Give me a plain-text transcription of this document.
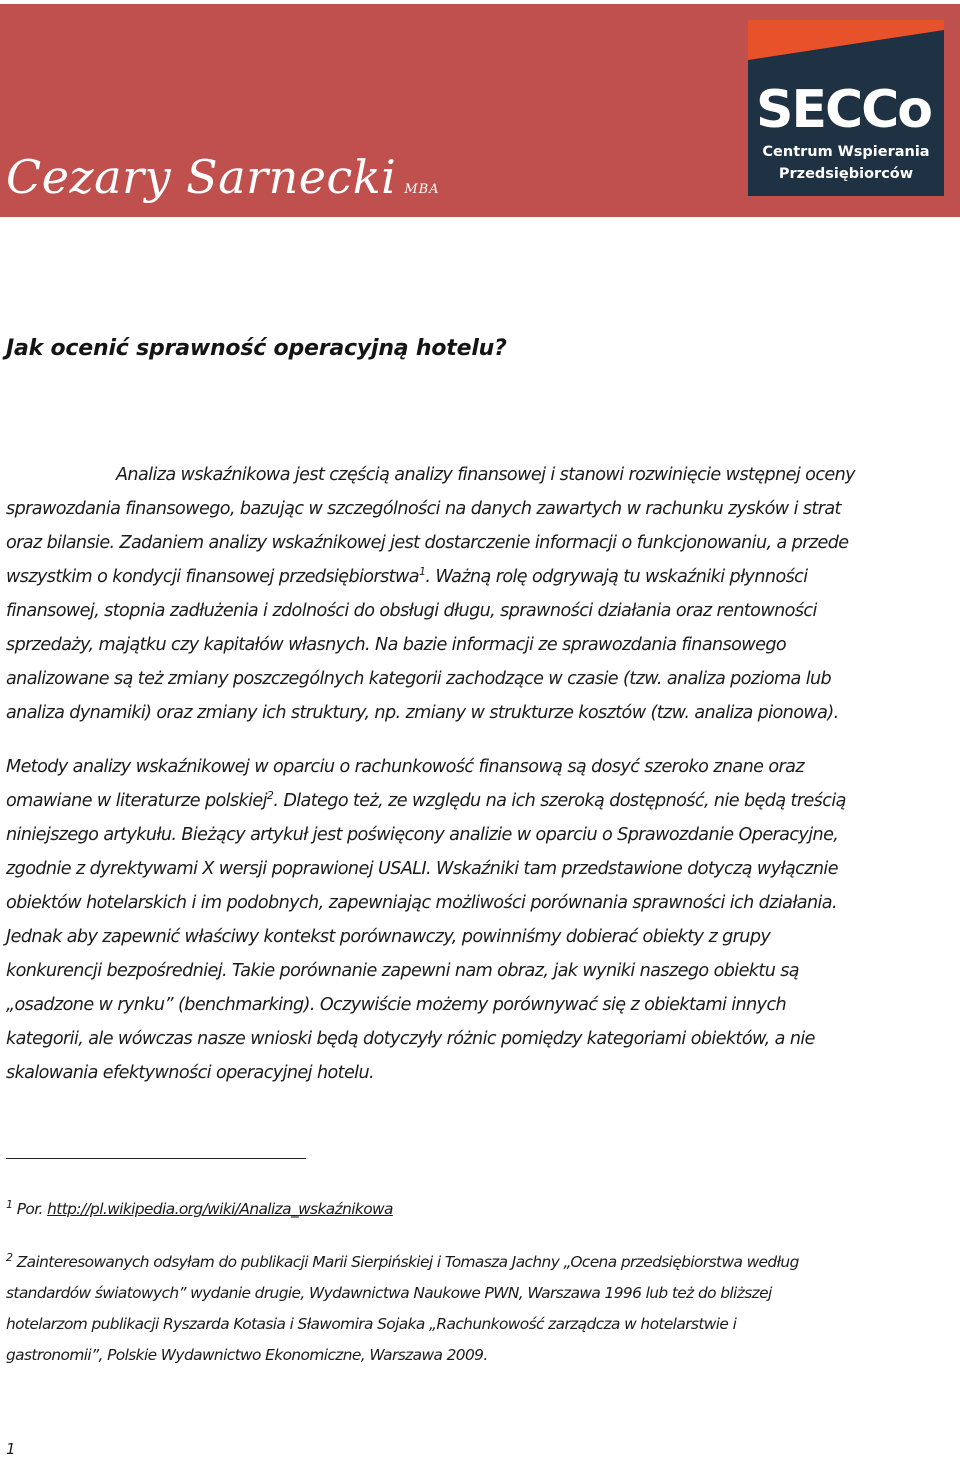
Cezary Sarnecki MBA
SECCo
Centrum Wspierania
Przedsiębiorców
Jak ocenić sprawność operacyjną hotelu?
Analiza wskaźnikowa jest częścią analizy finansowej i stanowi rozwinięcie wstępnej oceny
sprawozdania finansowego, bazując w szczególności na danych zawartych w rachunku zysków i strat
oraz bilansie. Zadaniem analizy wskaźnikowej jest dostarczenie informacji o funkcjonowaniu, a przede
wszystkim o kondycji finansowej przedsiębiorstwa$^1$. Ważną rolę odgrywają tu wskaźniki płynności
finansowej, stopnia zadłużenia i zdolności do obsługi długu, sprawności działania oraz rentowności
sprzedaży, majątku czy kapitałów własnych. Na bazie informacji ze sprawozdania finansowego
analizowane są też zmiany poszczególnych kategorii zachodzące w czasie (tzw. analiza pozioma lub
analiza dynamiki) oraz zmiany ich struktury, np. zmiany w strukturze kosztów (tzw. analiza pionowa).
Metody analizy wskaźnikowej w oparciu o rachunkowość finansową są dosyć szeroko znane oraz
omawiane w literaturze polskiej$^2$. Dlatego też, ze względu na ich szeroką dostępność, nie będą treścią
niniejszego artykułu. Bieżący artykuł jest poświęcony analizie w oparciu o Sprawozdanie Operacyjne,
zgodnie z dyrektywami X wersji poprawionej USALI. Wskaźniki tam przedstawione dotyczą wyłącznie
obiektów hotelarskich i im podobnych, zapewniając możliwości porównania sprawności ich działania.
Jednak aby zapewnić właściwy kontekst porównawczy, powinniśmy dobierać obiekty z grupy
konkurencji bezpośredniej. Takie porównanie zapewni nam obraz, jak wyniki naszego obiektu są
„osadzone w rynku” (benchmarking). Oczywiście możemy porównywać się z obiektami innych
kategorii, ale wówczas nasze wnioski będą dotyczyły różnic pomiędzy kategoriami obiektów, a nie
skalowania efektywności operacyjnej hotelu.
$^1$ Por. http://pl.wikipedia.org/wiki/Analiza_wskaźnikowa
$^2$ Zainteresowanych odsyłam do publikacji Marii Sierpińskiej i Tomasza Jachny „Ocena przedsiębiorstwa według
standardów światowych” wydanie drugie, Wydawnictwa Naukowe PWN, Warszawa 1996 lub też do bliższej
hotelarzom publikacji Ryszarda Kotasia i Sławomira Sojaka „Rachunkowość zarządcza w hotelarstwie i
gastronomii”, Polskie Wydawnictwo Ekonomiczne, Warszawa 2009.
1
